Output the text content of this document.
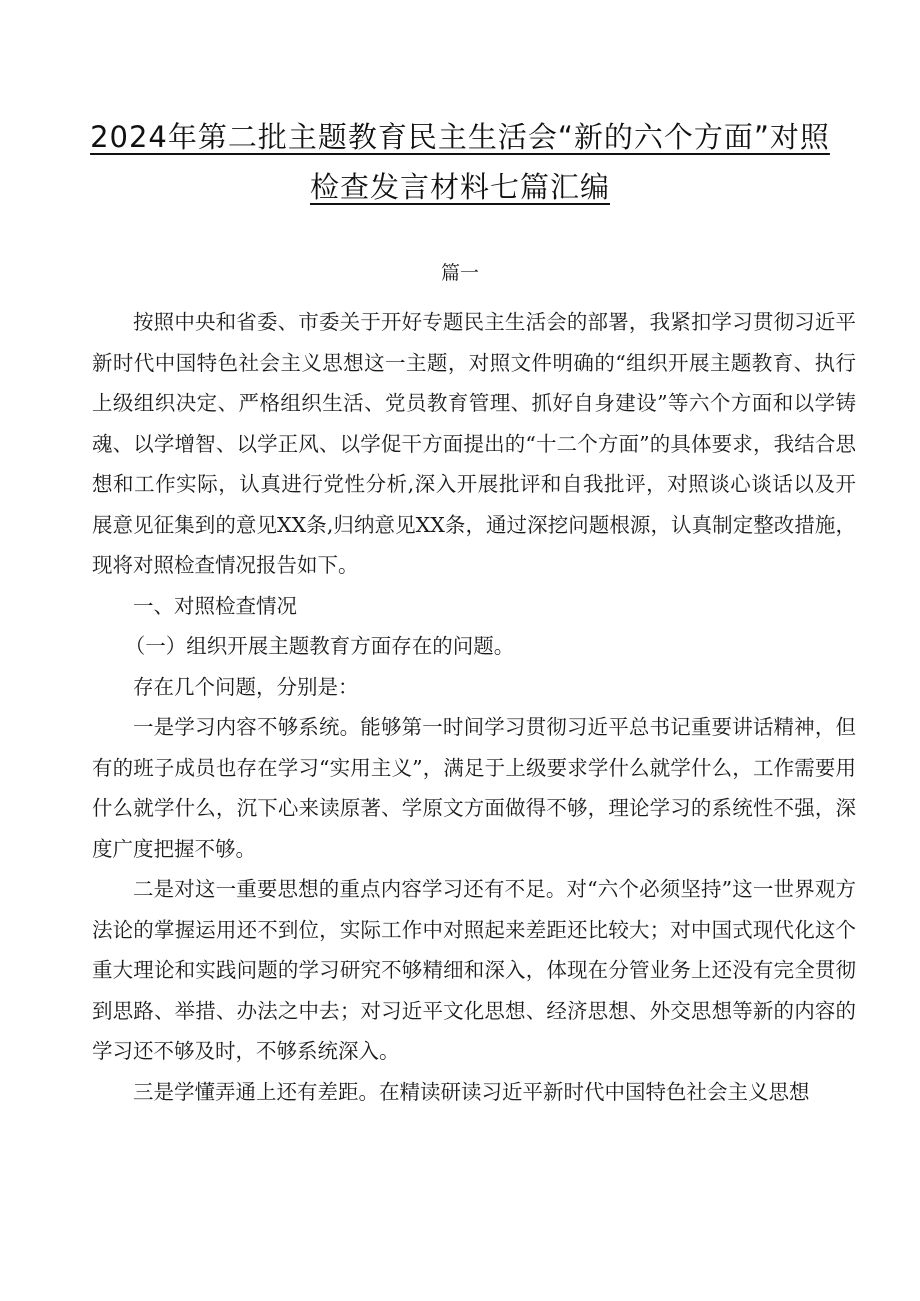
2024年第二批主题教育民主生活会“新的六个方面”对照检查发言材料七篇汇编
篇一

按照中央和省委、市委关于开好专题民主生活会的部署，我紧扣学习贯彻习近平新时代中国特色社会主义思想这一主题，对照文件明确的“组织开展主题教育、执行上级组织决定、严格组织生活、党员教育管理、抓好自身建设”等六个方面和以学铸魂、以学增智、以学正风、以学促干方面提出的“十二个方面”的具体要求，我结合思想和工作实际，认真进行党性分析,深入开展批评和自我批评，对照谈心谈话以及开展意见征集到的意见XX条,归纳意见XX条，通过深挖问题根源，认真制定整改措施，现将对照检查情况报告如下。

一、对照检查情况

（一）组织开展主题教育方面存在的问题。

存在几个问题，分别是：

一是学习内容不够系统。能够第一时间学习贯彻习近平总书记重要讲话精神，但有的班子成员也存在学习“实用主义”，满足于上级要求学什么就学什么，工作需要用什么就学什么，沉下心来读原著、学原文方面做得不够，理论学习的系统性不强，深度广度把握不够。

二是对这一重要思想的重点内容学习还有不足。对“六个必须坚持”这一世界观方法论的掌握运用还不到位，实际工作中对照起来差距还比较大；对中国式现代化这个重大理论和实践问题的学习研究不够精细和深入，体现在分管业务上还没有完全贯彻到思路、举措、办法之中去；对习近平文化思想、经济思想、外交思想等新的内容的学习还不够及时，不够系统深入。

三是学懂弄通上还有差距。在精读研读习近平新时代中国特色社会主义思想
